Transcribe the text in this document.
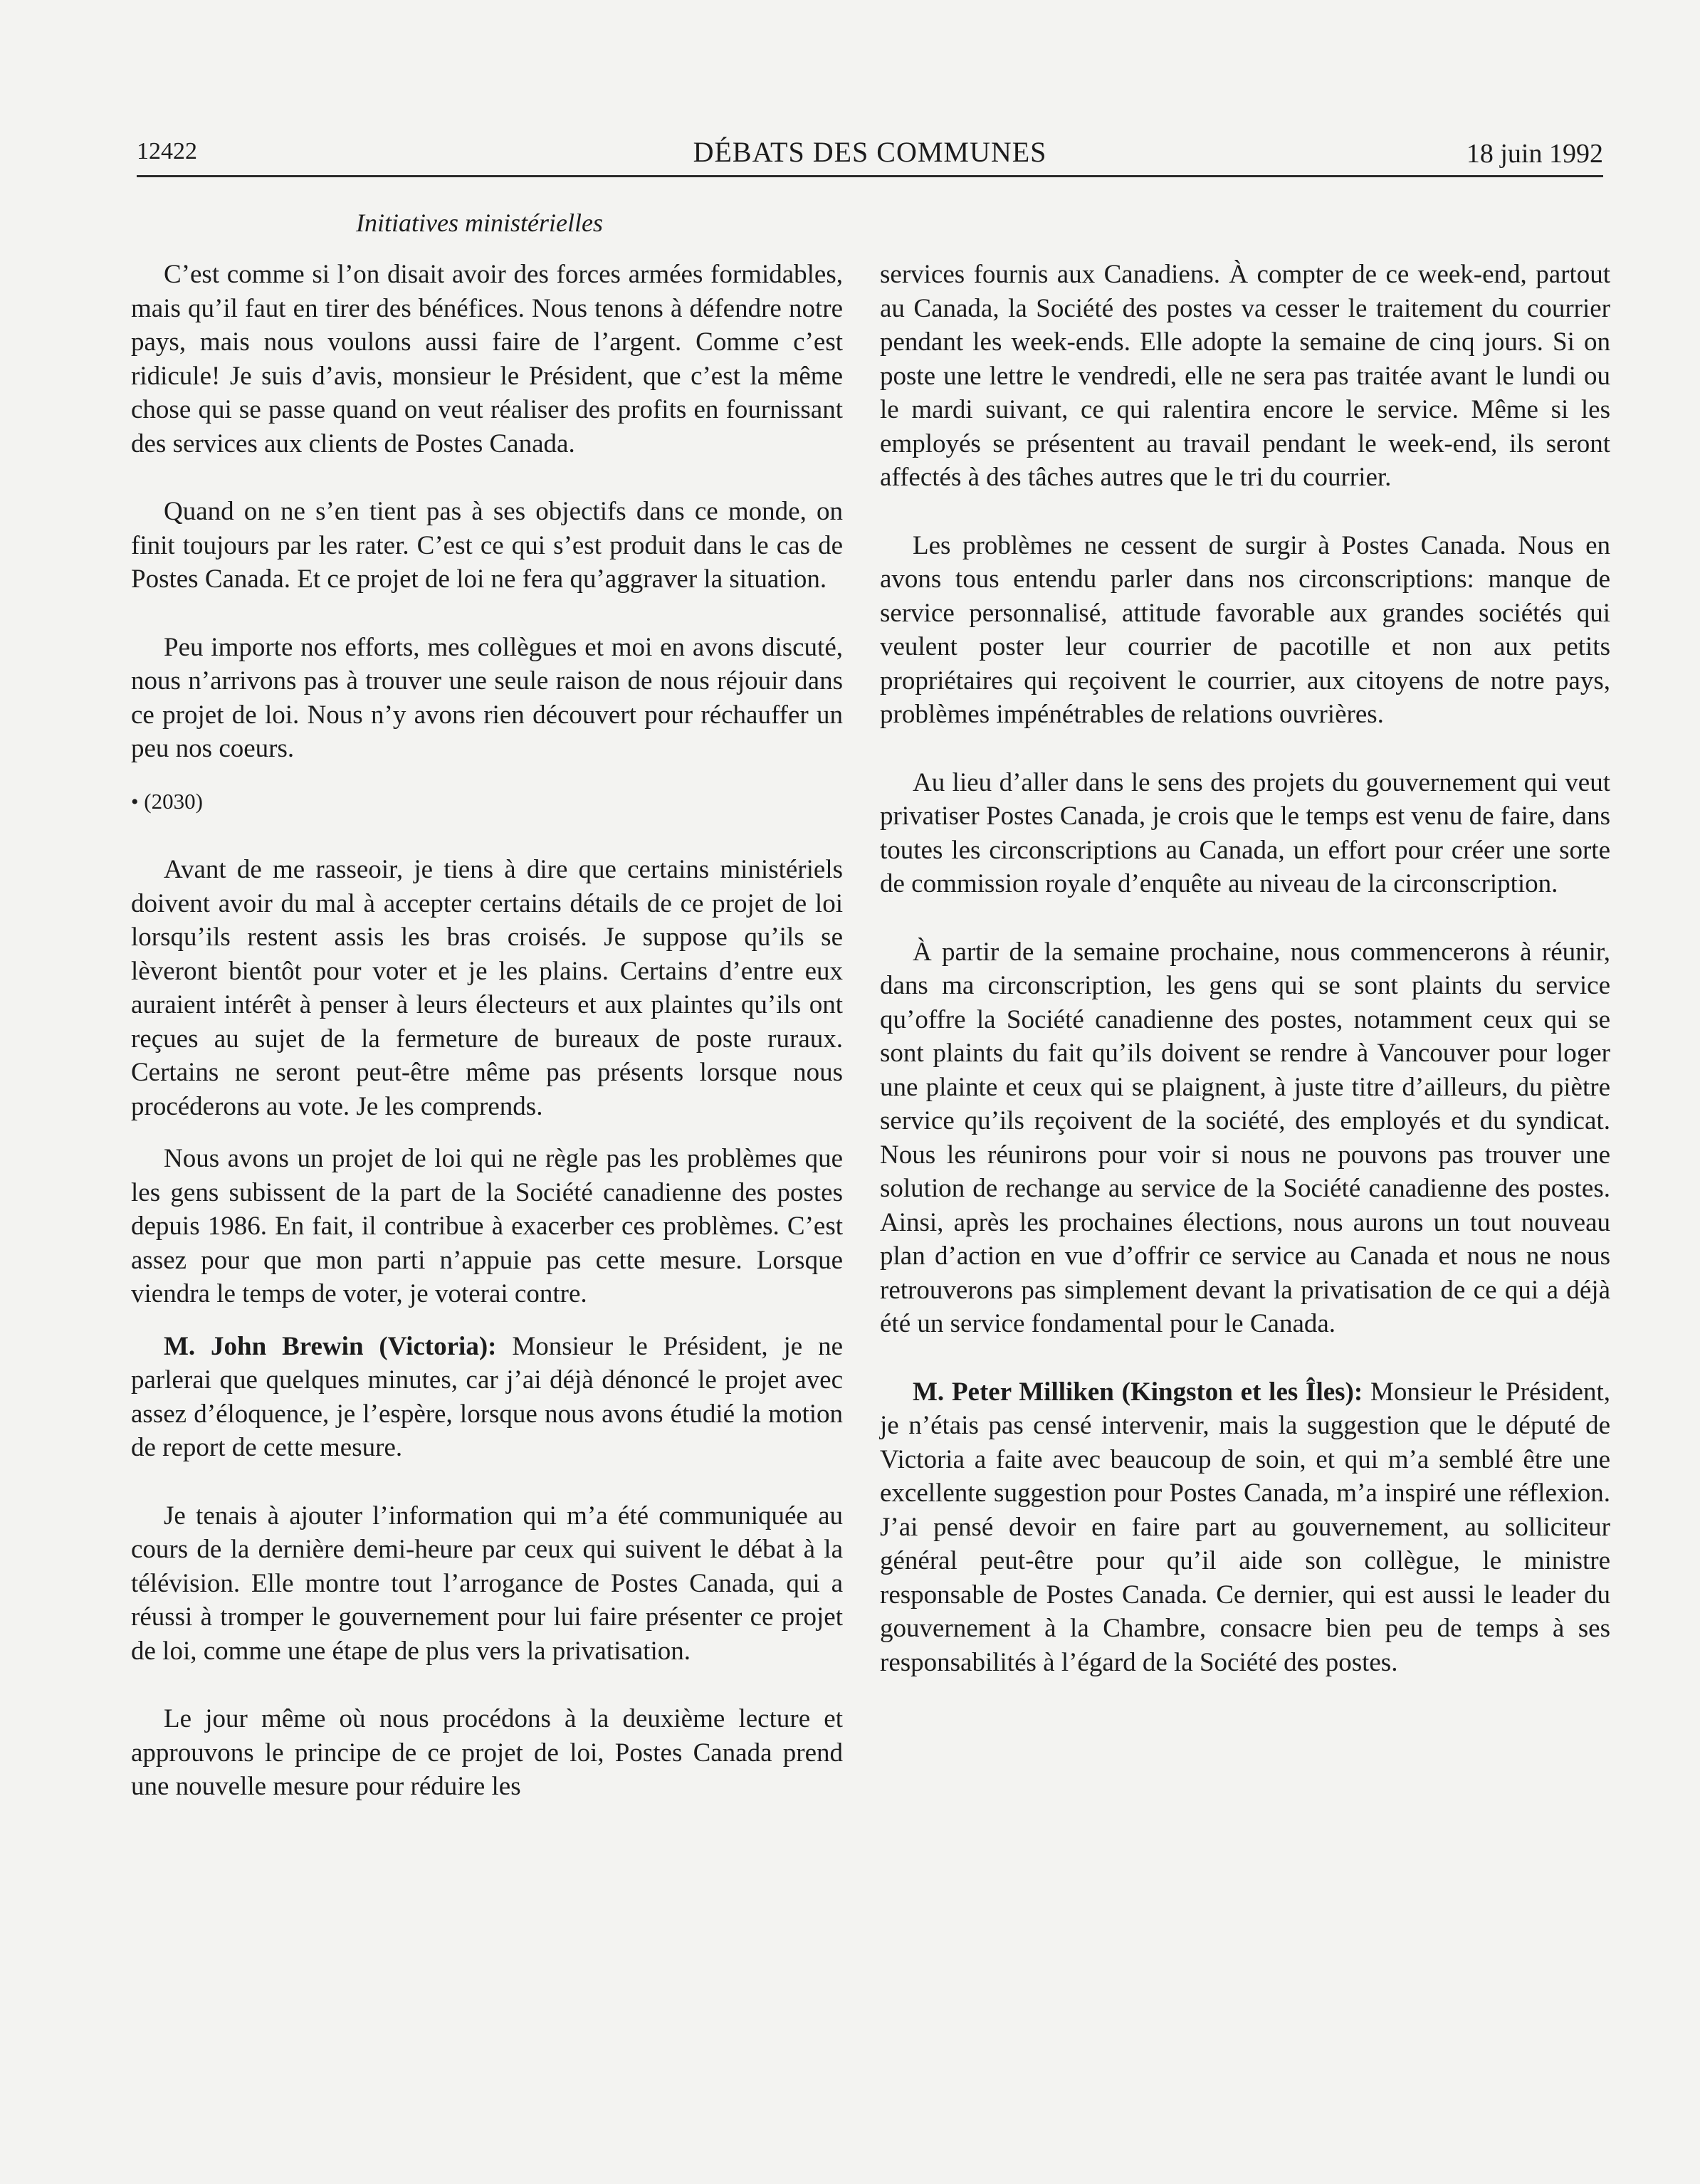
12422	DÉBATS DES COMMUNES	18 juin 1992
Initiatives ministérielles

C’est comme si l’on disait avoir des forces armées formidables, mais qu’il faut en tirer des bénéfices. Nous tenons à défendre notre pays, mais nous voulons aussi faire de l’argent. Comme c’est ridicule! Je suis d’avis, monsieur le Président, que c’est la même chose qui se passe quand on veut réaliser des profits en fournissant des services aux clients de Postes Canada.

Quand on ne s’en tient pas à ses objectifs dans ce monde, on finit toujours par les rater. C’est ce qui s’est produit dans le cas de Postes Canada. Et ce projet de loi ne fera qu’aggraver la situation.

Peu importe nos efforts, mes collègues et moi en avons discuté, nous n’arrivons pas à trouver une seule raison de nous réjouir dans ce projet de loi. Nous n’y avons rien découvert pour réchauffer un peu nos coeurs.

• (2030)

Avant de me rasseoir, je tiens à dire que certains ministériels doivent avoir du mal à accepter certains détails de ce projet de loi lorsqu’ils restent assis les bras croisés. Je suppose qu’ils se lèveront bientôt pour voter et je les plains. Certains d’entre eux auraient intérêt à penser à leurs électeurs et aux plaintes qu’ils ont reçues au sujet de la fermeture de bureaux de poste ruraux. Certains ne seront peut-être même pas présents lorsque nous procéderons au vote. Je les comprends.

Nous avons un projet de loi qui ne règle pas les problèmes que les gens subissent de la part de la Société canadienne des postes depuis 1986. En fait, il contribue à exacerber ces problèmes. C’est assez pour que mon parti n’appuie pas cette mesure. Lorsque viendra le temps de voter, je voterai contre.

M. John Brewin (Victoria): Monsieur le Président, je ne parlerai que quelques minutes, car j’ai déjà dénoncé le projet avec assez d’éloquence, je l’espère, lorsque nous avons étudié la motion de report de cette mesure.

Je tenais à ajouter l’information qui m’a été communiquée au cours de la dernière demi-heure par ceux qui suivent le débat à la télévision. Elle montre tout l’arrogance de Postes Canada, qui a réussi à tromper le gouvernement pour lui faire présenter ce projet de loi, comme une étape de plus vers la privatisation.

Le jour même où nous procédons à la deuxième lecture et approuvons le principe de ce projet de loi, Postes Canada prend une nouvelle mesure pour réduire les

services fournis aux Canadiens. À compter de ce week-end, partout au Canada, la Société des postes va cesser le traitement du courrier pendant les week-ends. Elle adopte la semaine de cinq jours. Si on poste une lettre le vendredi, elle ne sera pas traitée avant le lundi ou le mardi suivant, ce qui ralentira encore le service. Même si les employés se présentent au travail pendant le week-end, ils seront affectés à des tâches autres que le tri du courrier.

Les problèmes ne cessent de surgir à Postes Canada. Nous en avons tous entendu parler dans nos circonscriptions: manque de service personnalisé, attitude favorable aux grandes sociétés qui veulent poster leur courrier de pacotille et non aux petits propriétaires qui reçoivent le courrier, aux citoyens de notre pays, problèmes impénétrables de relations ouvrières.

Au lieu d’aller dans le sens des projets du gouvernement qui veut privatiser Postes Canada, je crois que le temps est venu de faire, dans toutes les circonscriptions au Canada, un effort pour créer une sorte de commission royale d’enquête au niveau de la circonscription.

À partir de la semaine prochaine, nous commencerons à réunir, dans ma circonscription, les gens qui se sont plaints du service qu’offre la Société canadienne des postes, notamment ceux qui se sont plaints du fait qu’ils doivent se rendre à Vancouver pour loger une plainte et ceux qui se plaignent, à juste titre d’ailleurs, du piètre service qu’ils reçoivent de la société, des employés et du syndicat. Nous les réunirons pour voir si nous ne pouvons pas trouver une solution de rechange au service de la Société canadienne des postes. Ainsi, après les prochaines élections, nous aurons un tout nouveau plan d’action en vue d’offrir ce service au Canada et nous ne nous retrouverons pas simplement devant la privatisation de ce qui a déjà été un service fondamental pour le Canada.

M. Peter Milliken (Kingston et les Îles): Monsieur le Président, je n’étais pas censé intervenir, mais la suggestion que le député de Victoria a faite avec beaucoup de soin, et qui m’a semblé être une excellente suggestion pour Postes Canada, m’a inspiré une réflexion. J’ai pensé devoir en faire part au gouvernement, au solliciteur général peut-être pour qu’il aide son collègue, le ministre responsable de Postes Canada. Ce dernier, qui est aussi le leader du gouvernement à la Chambre, consacre bien peu de temps à ses responsabilités à l’égard de la Société des postes.
